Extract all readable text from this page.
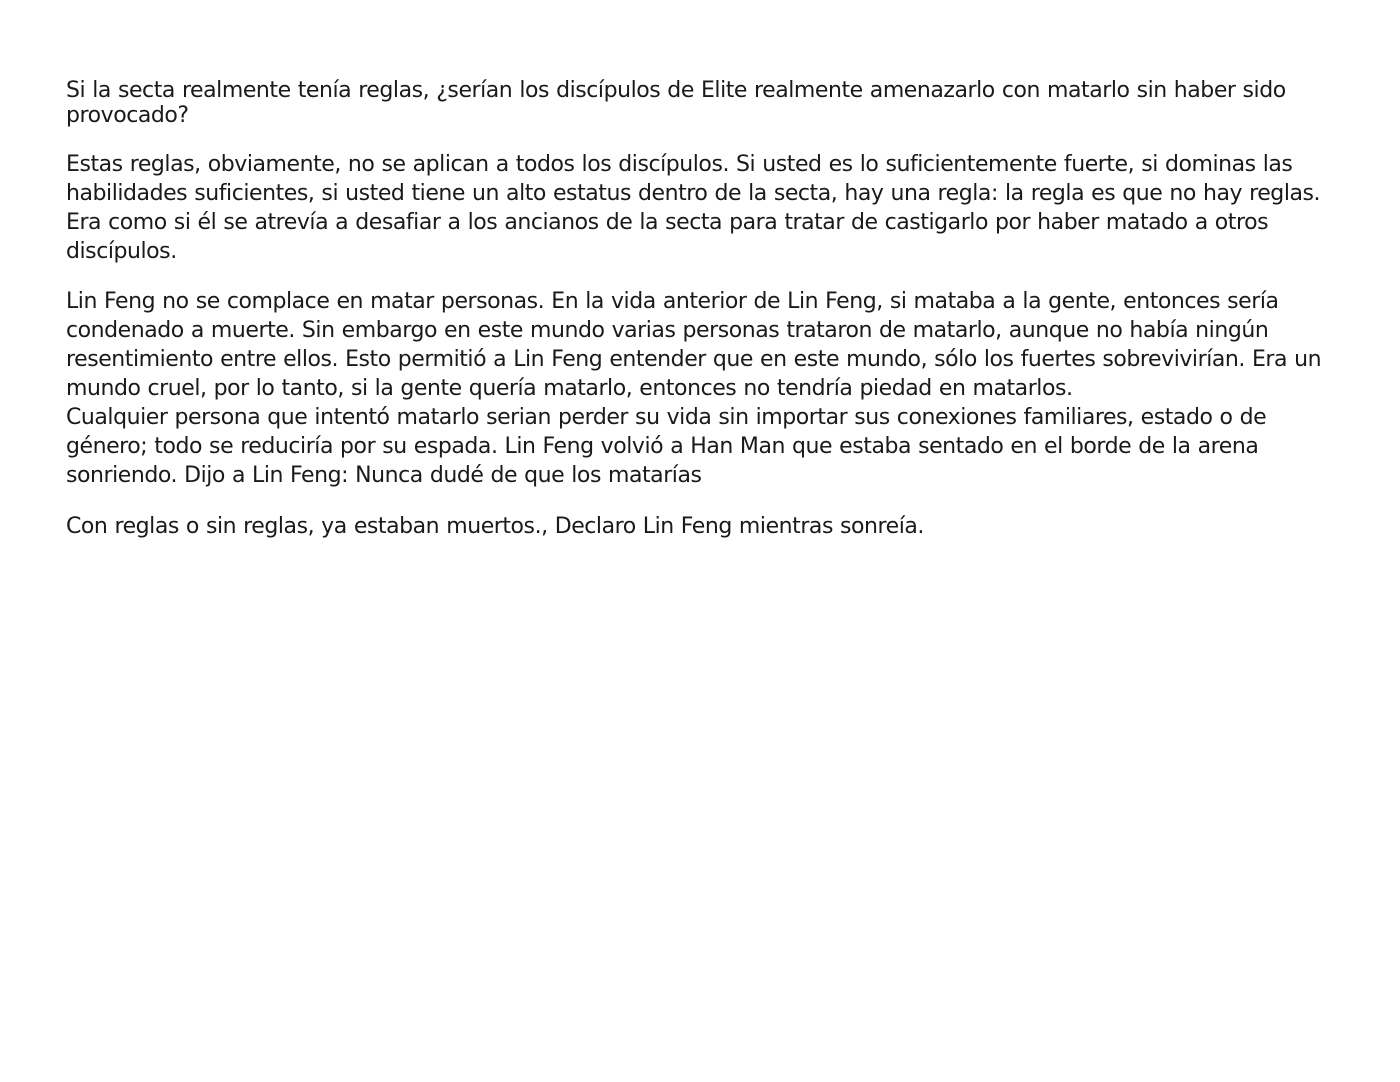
Si la secta realmente tenía reglas, ¿serían los discípulos de Elite realmente amenazarlo con matarlo sin haber sido provocado?

Estas reglas, obviamente, no se aplican a todos los discípulos. Si usted es lo suficientemente fuerte, si dominas las habilidades suficientes, si usted tiene un alto estatus dentro de la secta, hay una regla: la regla es que no hay reglas. Era como si él se atrevía a desafiar a los ancianos de la secta para tratar de castigarlo por haber matado a otros discípulos.

Lin Feng no se complace en matar personas. En la vida anterior de Lin Feng, si mataba a la gente, entonces sería condenado a muerte. Sin embargo en este mundo varias personas trataron de matarlo, aunque no había ningún resentimiento entre ellos. Esto permitió a Lin Feng entender que en este mundo, sólo los fuertes sobrevivirían. Era un mundo cruel, por lo tanto, si la gente quería matarlo, entonces no tendría piedad en matarlos.

Cualquier persona que intentó matarlo serian perder su vida sin importar sus conexiones familiares, estado o de género; todo se reduciría por su espada. Lin Feng volvió a Han Man que estaba sentado en el borde de la arena sonriendo. Dijo a Lin Feng: Nunca dudé de que los matarías

Con reglas o sin reglas, ya estaban muertos., Declaro Lin Feng mientras sonreía.
